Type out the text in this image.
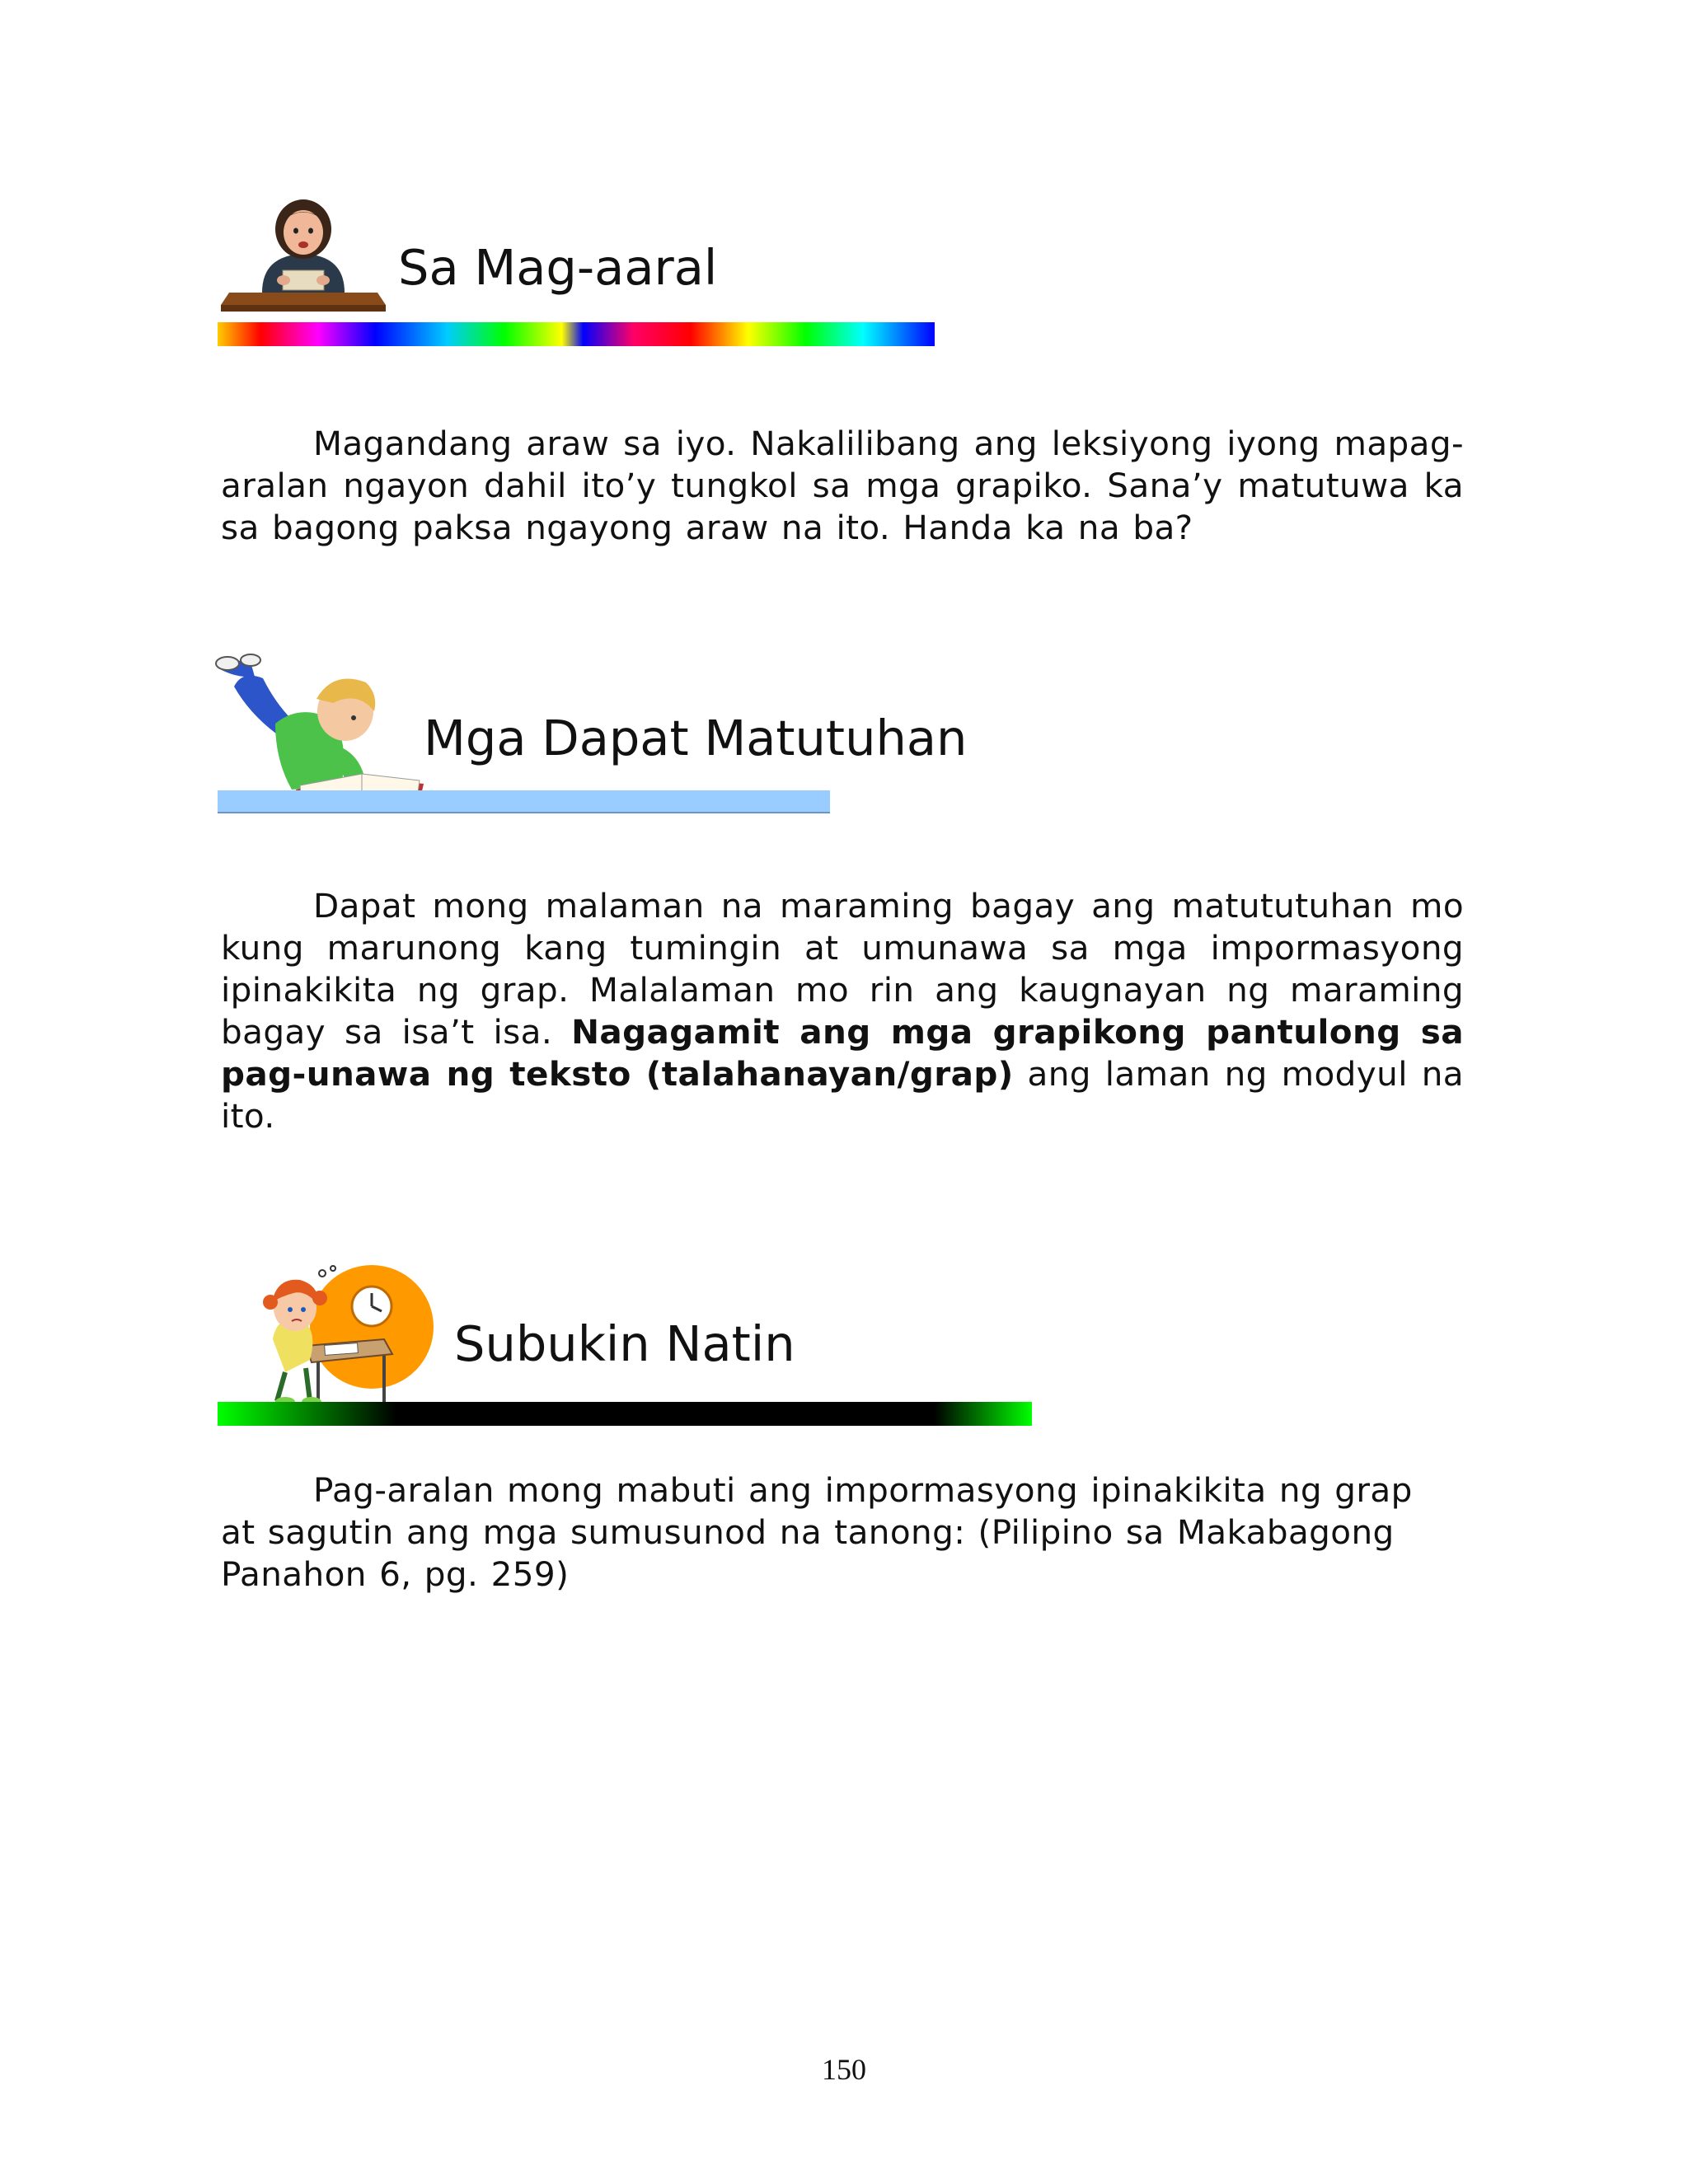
Sa Mag-aaral

Magandang araw sa iyo. Nakalilibang ang leksiyong iyong mapag-aralan ngayon dahil ito’y tungkol sa mga grapiko. Sana’y matutuwa ka sa bagong paksa ngayong araw na ito. Handa ka na ba?

Mga Dapat Matutuhan

Dapat mong malaman na maraming bagay ang matututuhan mo kung marunong kang tumingin at umunawa sa mga impormasyong ipinakikita ng grap. Malalaman mo rin ang kaugnayan ng maraming bagay sa isa’t isa. Nagagamit ang mga grapikong pantulong sa pag-unawa ng teksto (talahanayan/grap) ang laman ng modyul na ito.

Subukin Natin

Pag-aralan mong mabuti ang impormasyong ipinakikita ng grap at sagutin ang mga sumusunod na tanong: (Pilipino sa Makabagong Panahon 6, pg. 259)

150
